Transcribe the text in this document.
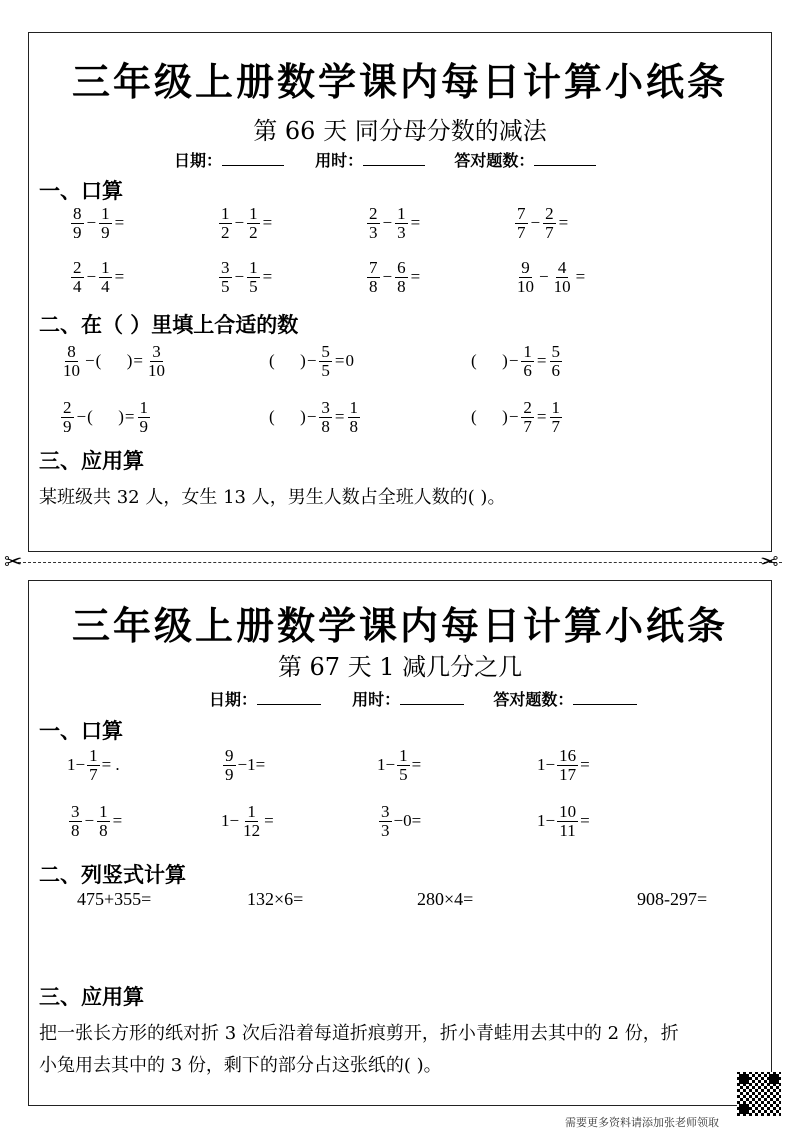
三年级上册数学课内每日计算小纸条
第 66 天 同分母分数的减法
日期：	用时：	答对题数：
一、口算
$\frac{8}{9} - \frac{1}{9}$ =	$\frac{1}{2} - \frac{1}{2}$ =	$\frac{2}{3} - \frac{1}{3}$ =	$\frac{7}{7} - \frac{2}{7}$ =
$\frac{2}{4} - \frac{1}{4}$ =	$\frac{3}{5} - \frac{1}{5}$ =	$\frac{7}{8} - \frac{6}{8}$ =	$\frac{9}{10} - \frac{4}{10}$ =
二、在（ ）里填上合适的数
$\frac{8}{10}$ − (      ) = $\frac{3}{10}$	(      ) − $\frac{5}{5} = 0$	(      ) − $\frac{1}{6} = \frac{5}{6}$
$\frac{2}{9}$ − (      ) = $\frac{1}{9}$	(      ) − $\frac{3}{8} = \frac{1}{8}$	(      ) − $\frac{2}{7} = \frac{1}{7}$
三、应用算
某班级共 32 人，女生 13 人，男生人数占全班人数的( )。
✂	✂
三年级上册数学课内每日计算小纸条
第 67 天 1 减几分之几
日期：	用时：	答对题数：
一、口算
$1- \frac{1}{7}$ = .	$\frac{9}{9} -1=$	$1- \frac{1}{5}$ =	$1- \frac{16}{17}$ =
$\frac{3}{8} - \frac{1}{8}$ =	$1- \frac{1}{12}$ =	$\frac{3}{3} -0=$	$1- \frac{10}{11}$ =
二、列竖式计算
475+355=	132×6=	280×4=	908-297=
三、应用算
把一张长方形的纸对折 3 次后沿着每道折痕剪开，折小青蛙用去其中的 2 份，折
小兔用去其中的 3 份，剩下的部分占这张纸的( )。
需要更多资料请添加张老师领取
